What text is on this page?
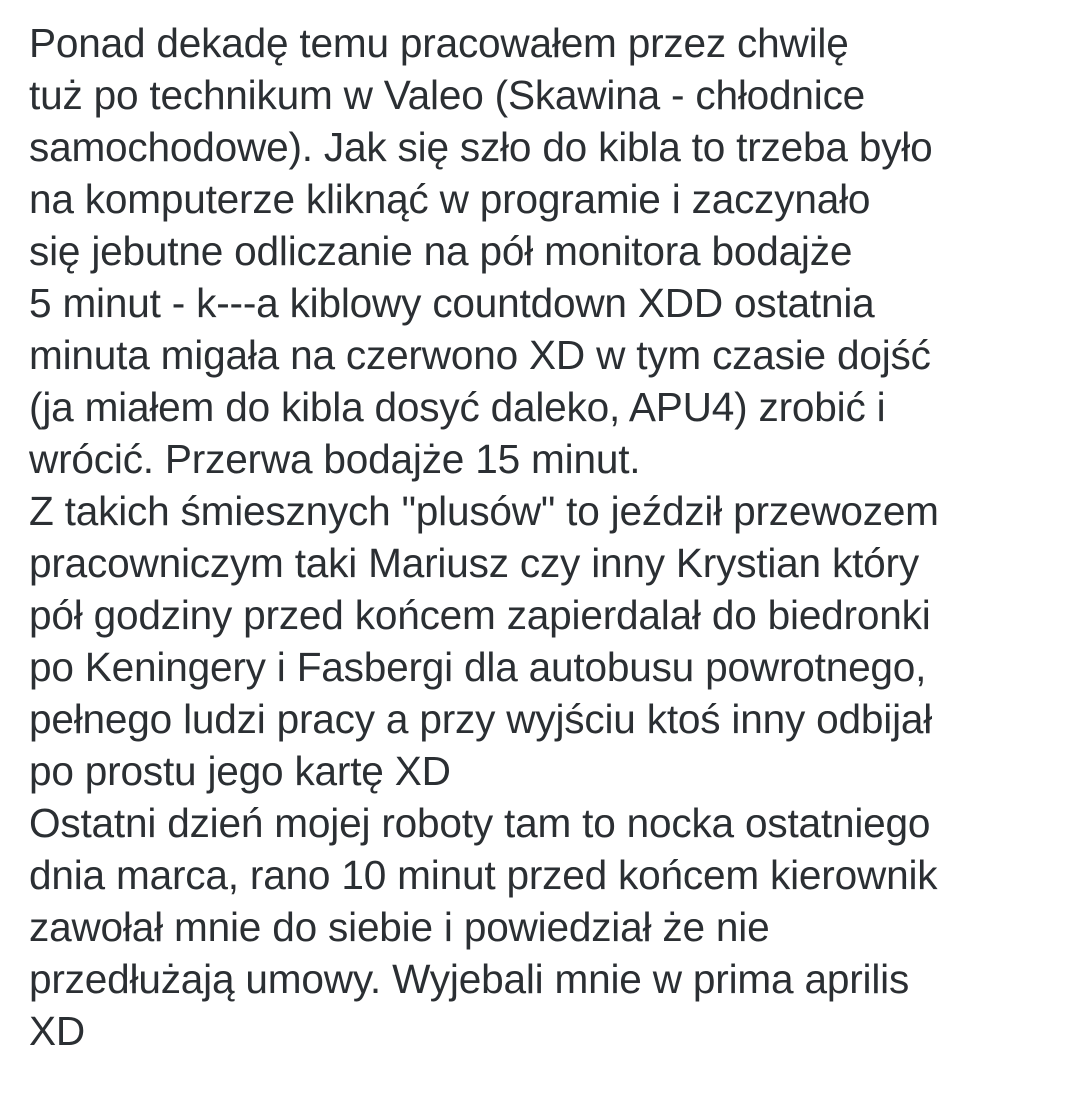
Ponad dekadę temu pracowałem przez chwilę
tuż po technikum w Valeo (Skawina - chłodnice
samochodowe). Jak się szło do kibla to trzeba było
na komputerze kliknąć w programie i zaczynało
się jebutne odliczanie na pół monitora bodajże
5 minut - k---a kiblowy countdown XDD ostatnia
minuta migała na czerwono XD w tym czasie dojść
(ja miałem do kibla dosyć daleko, APU4) zrobić i
wrócić. Przerwa bodajże 15 minut.
Z takich śmiesznych "plusów" to jeździł przewozem
pracowniczym taki Mariusz czy inny Krystian który
pół godziny przed końcem zapierdalał do biedronki
po Keningery i Fasbergi dla autobusu powrotnego,
pełnego ludzi pracy a przy wyjściu ktoś inny odbijał
po prostu jego kartę XD
Ostatni dzień mojej roboty tam to nocka ostatniego
dnia marca, rano 10 minut przed końcem kierownik
zawołał mnie do siebie i powiedział że nie
przedłużają umowy. Wyjebali mnie w prima aprilis
XD
